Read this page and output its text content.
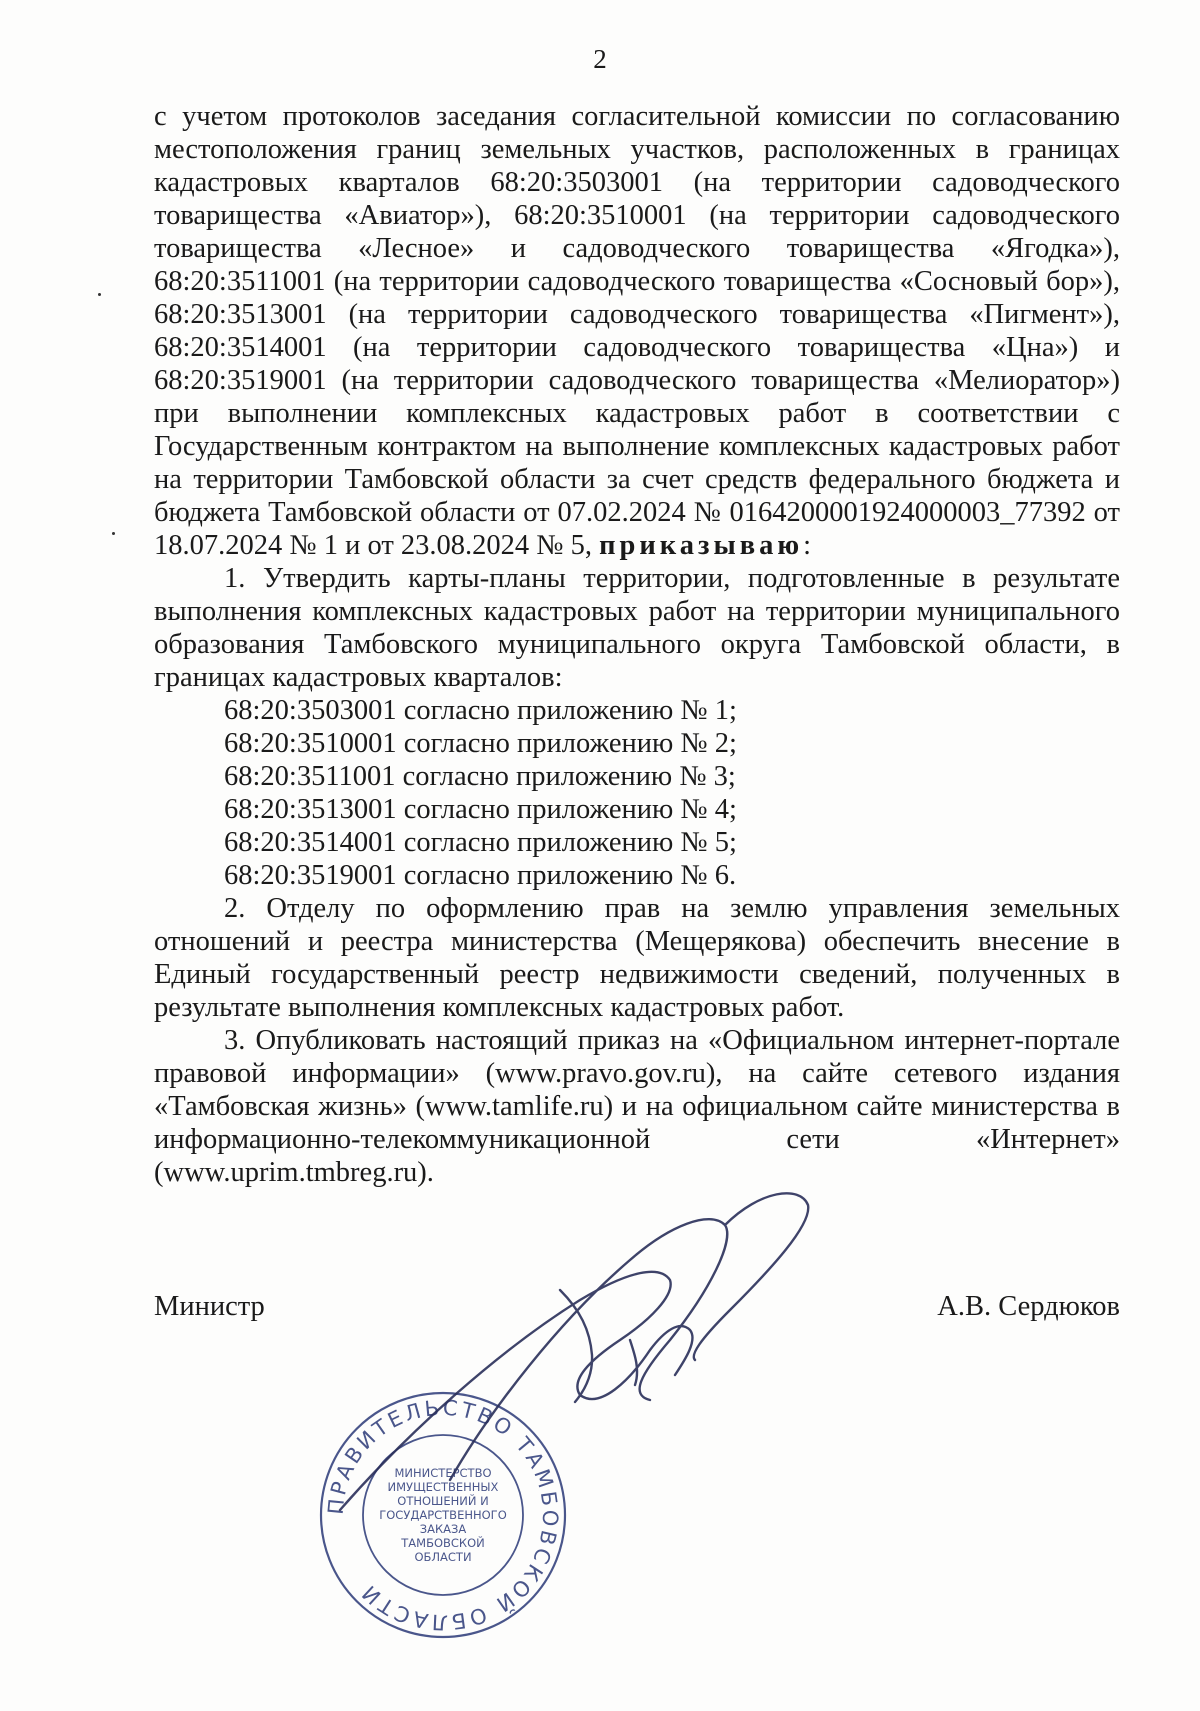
2

с учетом протоколов заседания согласительной комиссии по согласованию местоположения границ земельных участков, расположенных в границах кадастровых кварталов 68:20:3503001 (на территории садоводческого товарищества «Авиатор»), 68:20:3510001 (на территории садоводческого товарищества «Лесное» и садоводческого товарищества «Ягодка»), 68:20:3511001 (на территории садоводческого товарищества «Сосновый бор»), 68:20:3513001 (на территории садоводческого товарищества «Пигмент»), 68:20:3514001 (на территории садоводческого товарищества «Цна») и 68:20:3519001 (на территории садоводческого товарищества «Мелиоратор») при выполнении комплексных кадастровых работ в соответствии с Государственным контрактом на выполнение комплексных кадастровых работ на территории Тамбовской области за счет средств федерального бюджета и бюджета Тамбовской области от 07.02.2024 № 0164200001924000003_77392 от 18.07.2024 № 1 и от 23.08.2024 № 5, приказываю:

1. Утвердить карты-планы территории, подготовленные в результате выполнения комплексных кадастровых работ на территории муниципального образования Тамбовского муниципального округа Тамбовской области, в границах кадастровых кварталов:

68:20:3503001 согласно приложению № 1;
68:20:3510001 согласно приложению № 2;
68:20:3511001 согласно приложению № 3;
68:20:3513001 согласно приложению № 4;
68:20:3514001 согласно приложению № 5;
68:20:3519001 согласно приложению № 6.

2. Отделу по оформлению прав на землю управления земельных отношений и реестра министерства (Мещерякова) обеспечить внесение в Единый государственный реестр недвижимости сведений, полученных в результате выполнения комплексных кадастровых работ.

3. Опубликовать настоящий приказ на «Официальном интернет-портале правовой информации» (www.pravo.gov.ru), на сайте сетевого издания «Тамбовская жизнь» (www.tamlife.ru) и на официальном сайте министерства в информационно-телекоммуникационной сети «Интернет» (www.uprim.tmbreg.ru).

Министр	А.В. Сердюков
ПРАВИТЕЛЬСТВО ТАМБОВСКОЙ ОБЛАСТИ
МИНИСТЕРСТВО
ИМУЩЕСТВЕННЫХ
ОТНОШЕНИЙ И
ГОСУДАРСТВЕННОГО
ЗАКАЗА
ТАМБОВСКОЙ
ОБЛАСТИ
